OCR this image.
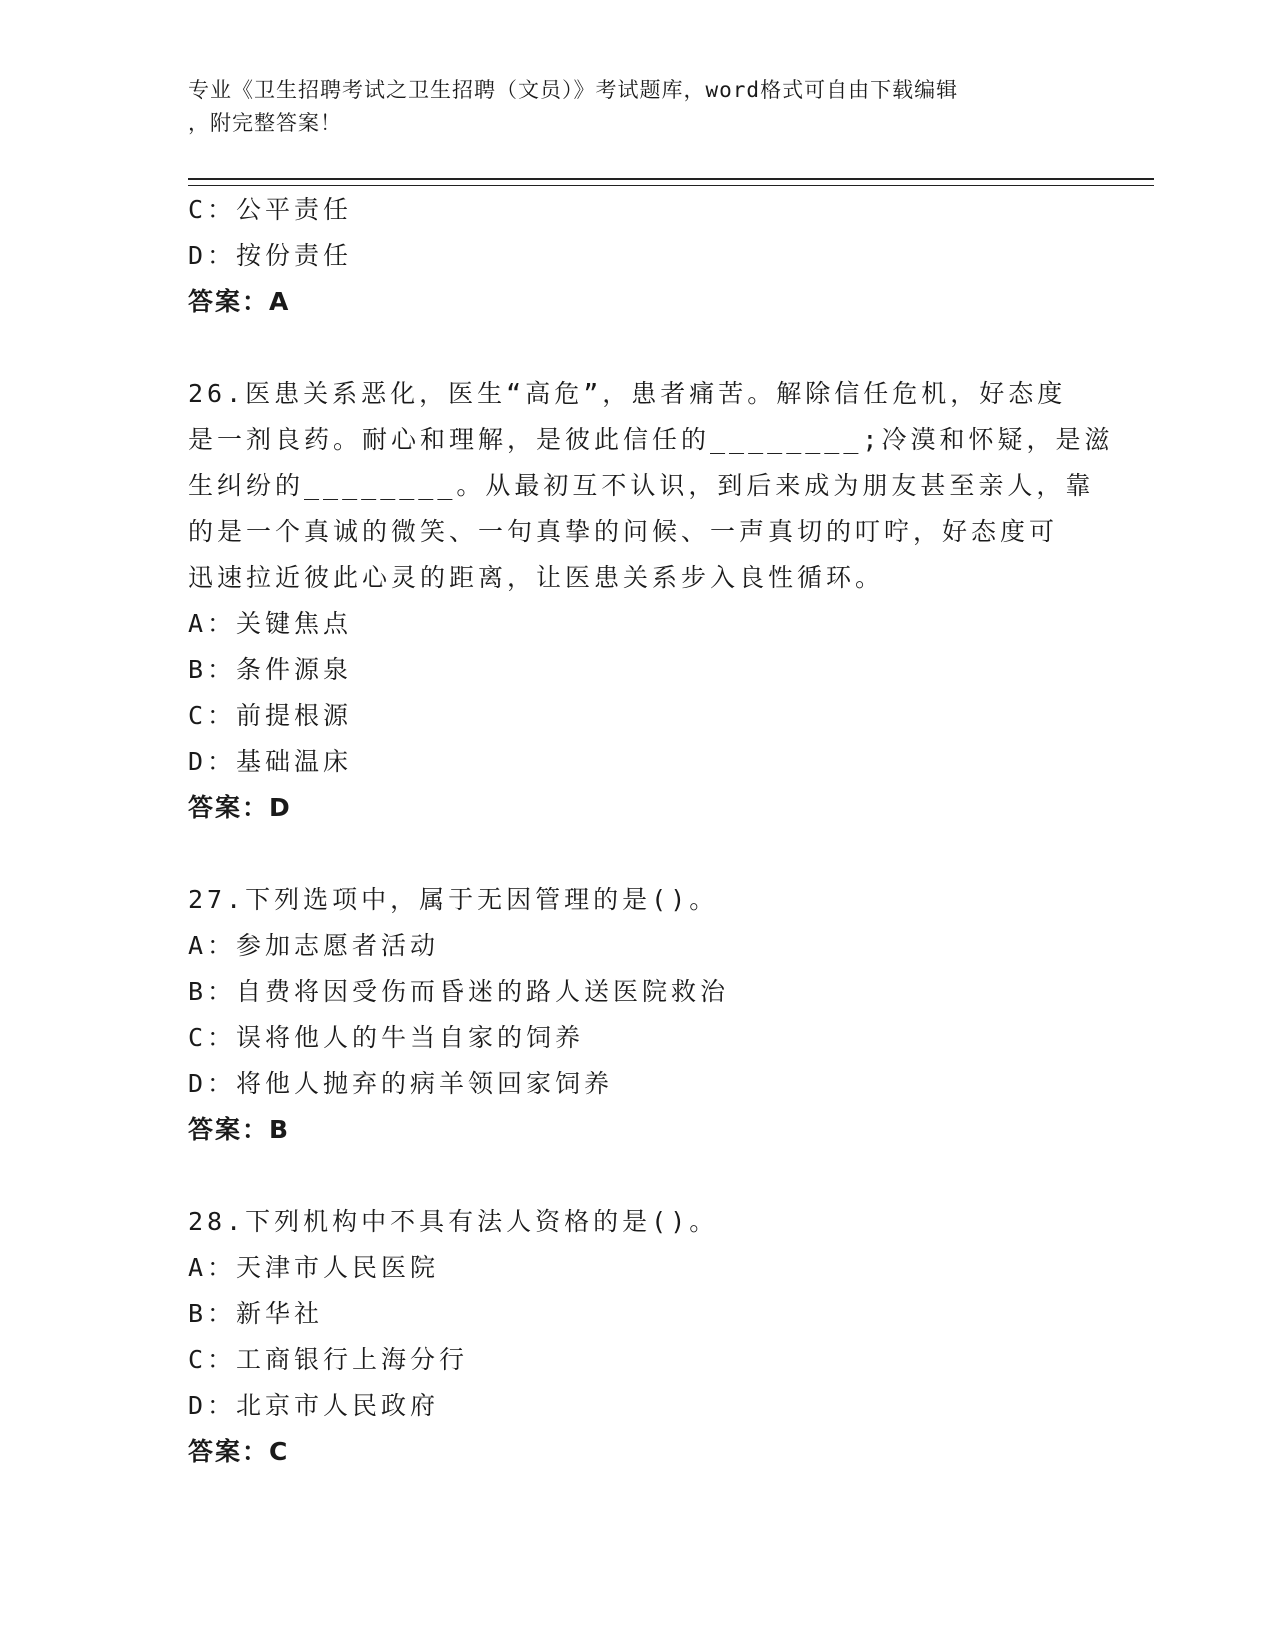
专业《卫生招聘考试之卫生招聘（文员）》考试题库，word格式可自由下载编辑
，附完整答案！
C：公平责任
D：按份责任
答案：A
26.医患关系恶化，医生“高危”，患者痛苦。解除信任危机，好态度
是一剂良药。耐心和理解，是彼此信任的________;冷漠和怀疑，是滋
生纠纷的________。从最初互不认识，到后来成为朋友甚至亲人，靠
的是一个真诚的微笑、一句真挚的问候、一声真切的叮咛，好态度可
迅速拉近彼此心灵的距离，让医患关系步入良性循环。
A：关键焦点
B：条件源泉
C：前提根源
D：基础温床
答案：D
27.下列选项中，属于无因管理的是()。
A：参加志愿者活动
B：自费将因受伤而昏迷的路人送医院救治
C：误将他人的牛当自家的饲养
D：将他人抛弃的病羊领回家饲养
答案：B
28.下列机构中不具有法人资格的是()。
A：天津市人民医院
B：新华社
C：工商银行上海分行
D：北京市人民政府
答案：C
